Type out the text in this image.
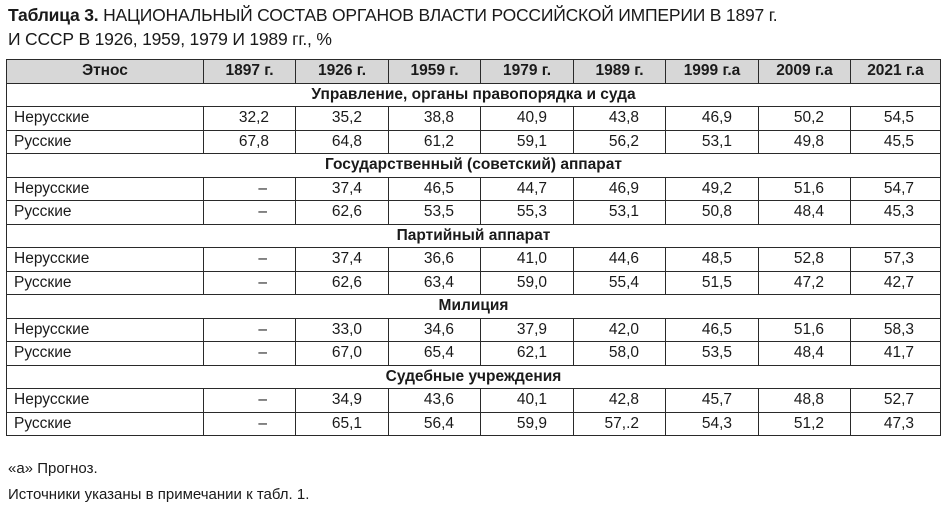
Таблица 3. НАЦИОНАЛЬНЫЙ СОСТАВ ОРГАНОВ ВЛАСТИ РОССИЙСКОЙ ИМПЕРИИ В 1897 г.
И СССР В 1926, 1959, 1979 И 1989 гг., %
Этнос	1897 г.	1926 г.	1959 г.	1979 г.	1989 г.	1999 г.а	2009 г.а	2021 г.а
Управление, органы правопорядка и суда								
Нерусские	32,2	35,2	38,8	40,9	43,8	46,9	50,2	54,5
Русские	67,8	64,8	61,2	59,1	56,2	53,1	49,8	45,5
Государственный (советский) аппарат								
Нерусские	–	37,4	46,5	44,7	46,9	49,2	51,6	54,7
Русские	–	62,6	53,5	55,3	53,1	50,8	48,4	45,3
Партийный аппарат								
Нерусские	–	37,4	36,6	41,0	44,6	48,5	52,8	57,3
Русские	–	62,6	63,4	59,0	55,4	51,5	47,2	42,7
Милиция								
Нерусские	–	33,0	34,6	37,9	42,0	46,5	51,6	58,3
Русские	–	67,0	65,4	62,1	58,0	53,5	48,4	41,7
Судебные учреждения								
Нерусские	–	34,9	43,6	40,1	42,8	45,7	48,8	52,7
Русские	–	65,1	56,4	59,9	57,.2	54,3	51,2	47,3
«а» Прогноз.
Источники указаны в примечании к табл. 1.
